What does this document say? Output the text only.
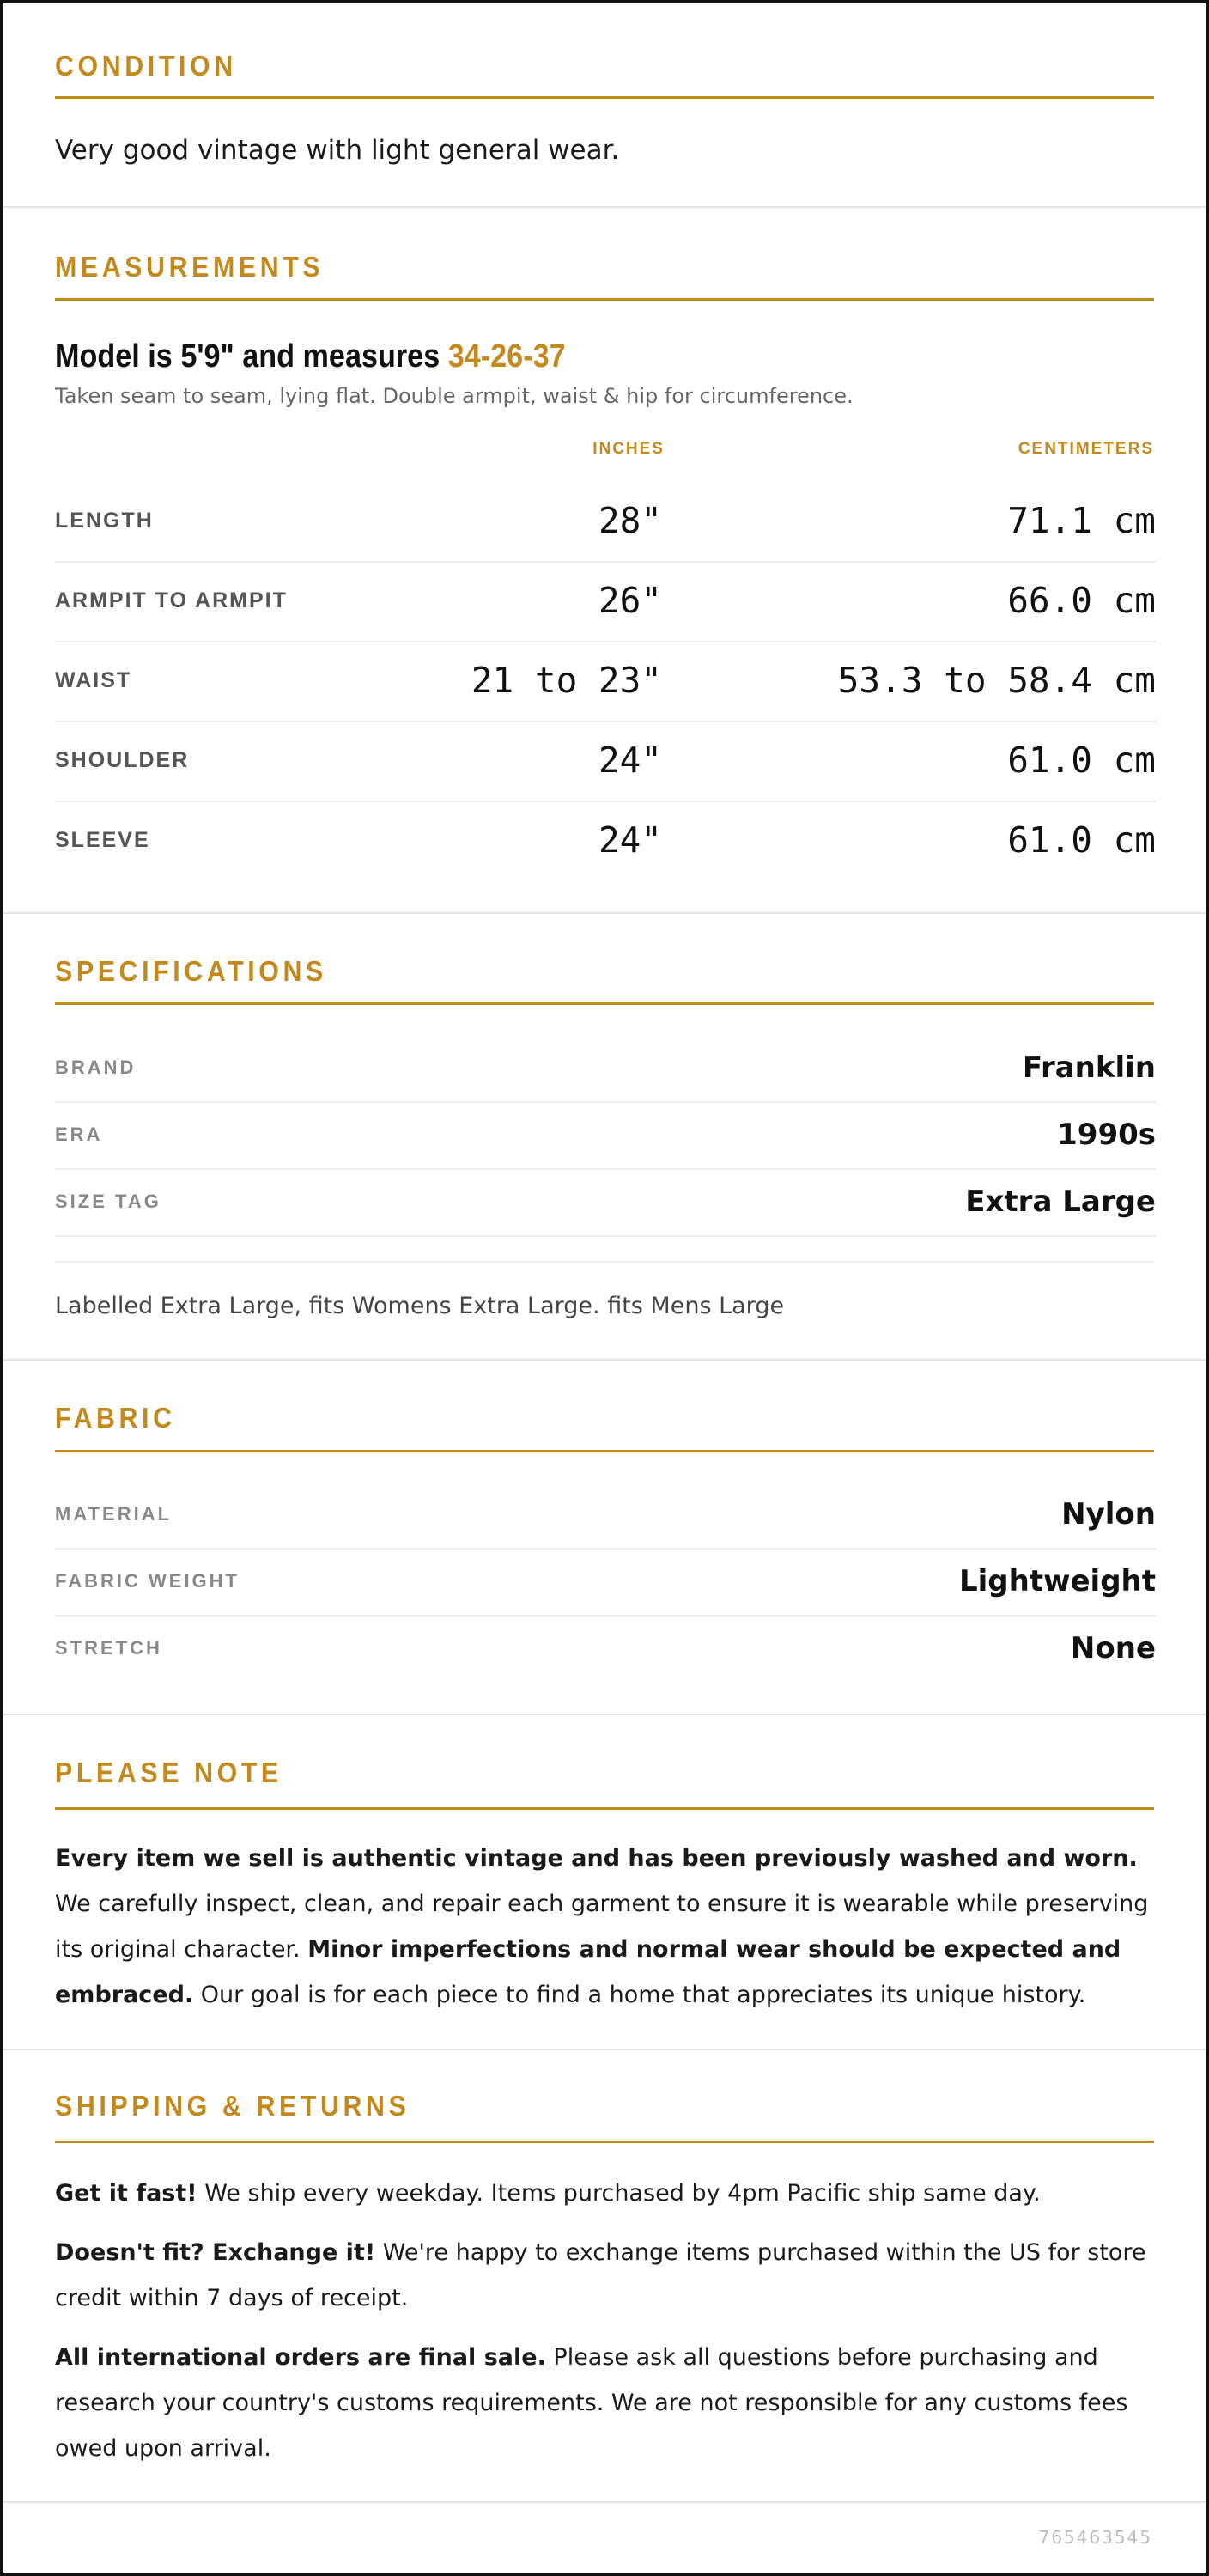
CONDITION
Very good vintage with light general wear.
MEASUREMENTS
Model is 5'9" and measures 34-26-37
Taken seam to seam, lying flat. Double armpit, waist & hip for circumference.
INCHES	CENTIMETERS
LENGTH	28"	71.1 cm
ARMPIT TO ARMPIT	26"	66.0 cm
WAIST	21 to 23"	53.3 to 58.4 cm
SHOULDER	24"	61.0 cm
SLEEVE	24"	61.0 cm
SPECIFICATIONS
BRAND	Franklin
ERA	1990s
SIZE TAG	Extra Large
Labelled Extra Large, fits Womens Extra Large. fits Mens Large
FABRIC
MATERIAL	Nylon
FABRIC WEIGHT	Lightweight
STRETCH	None
PLEASE NOTE
Every item we sell is authentic vintage and has been previously washed and worn. We carefully inspect, clean, and repair each garment to ensure it is wearable while preserving its original character. Minor imperfections and normal wear should be expected and embraced. Our goal is for each piece to find a home that appreciates its unique history.
SHIPPING & RETURNS
Get it fast! We ship every weekday. Items purchased by 4pm Pacific ship same day.
Doesn't fit? Exchange it! We're happy to exchange items purchased within the US for store credit within 7 days of receipt.
All international orders are final sale. Please ask all questions before purchasing and research your country's customs requirements. We are not responsible for any customs fees owed upon arrival.
765463545
